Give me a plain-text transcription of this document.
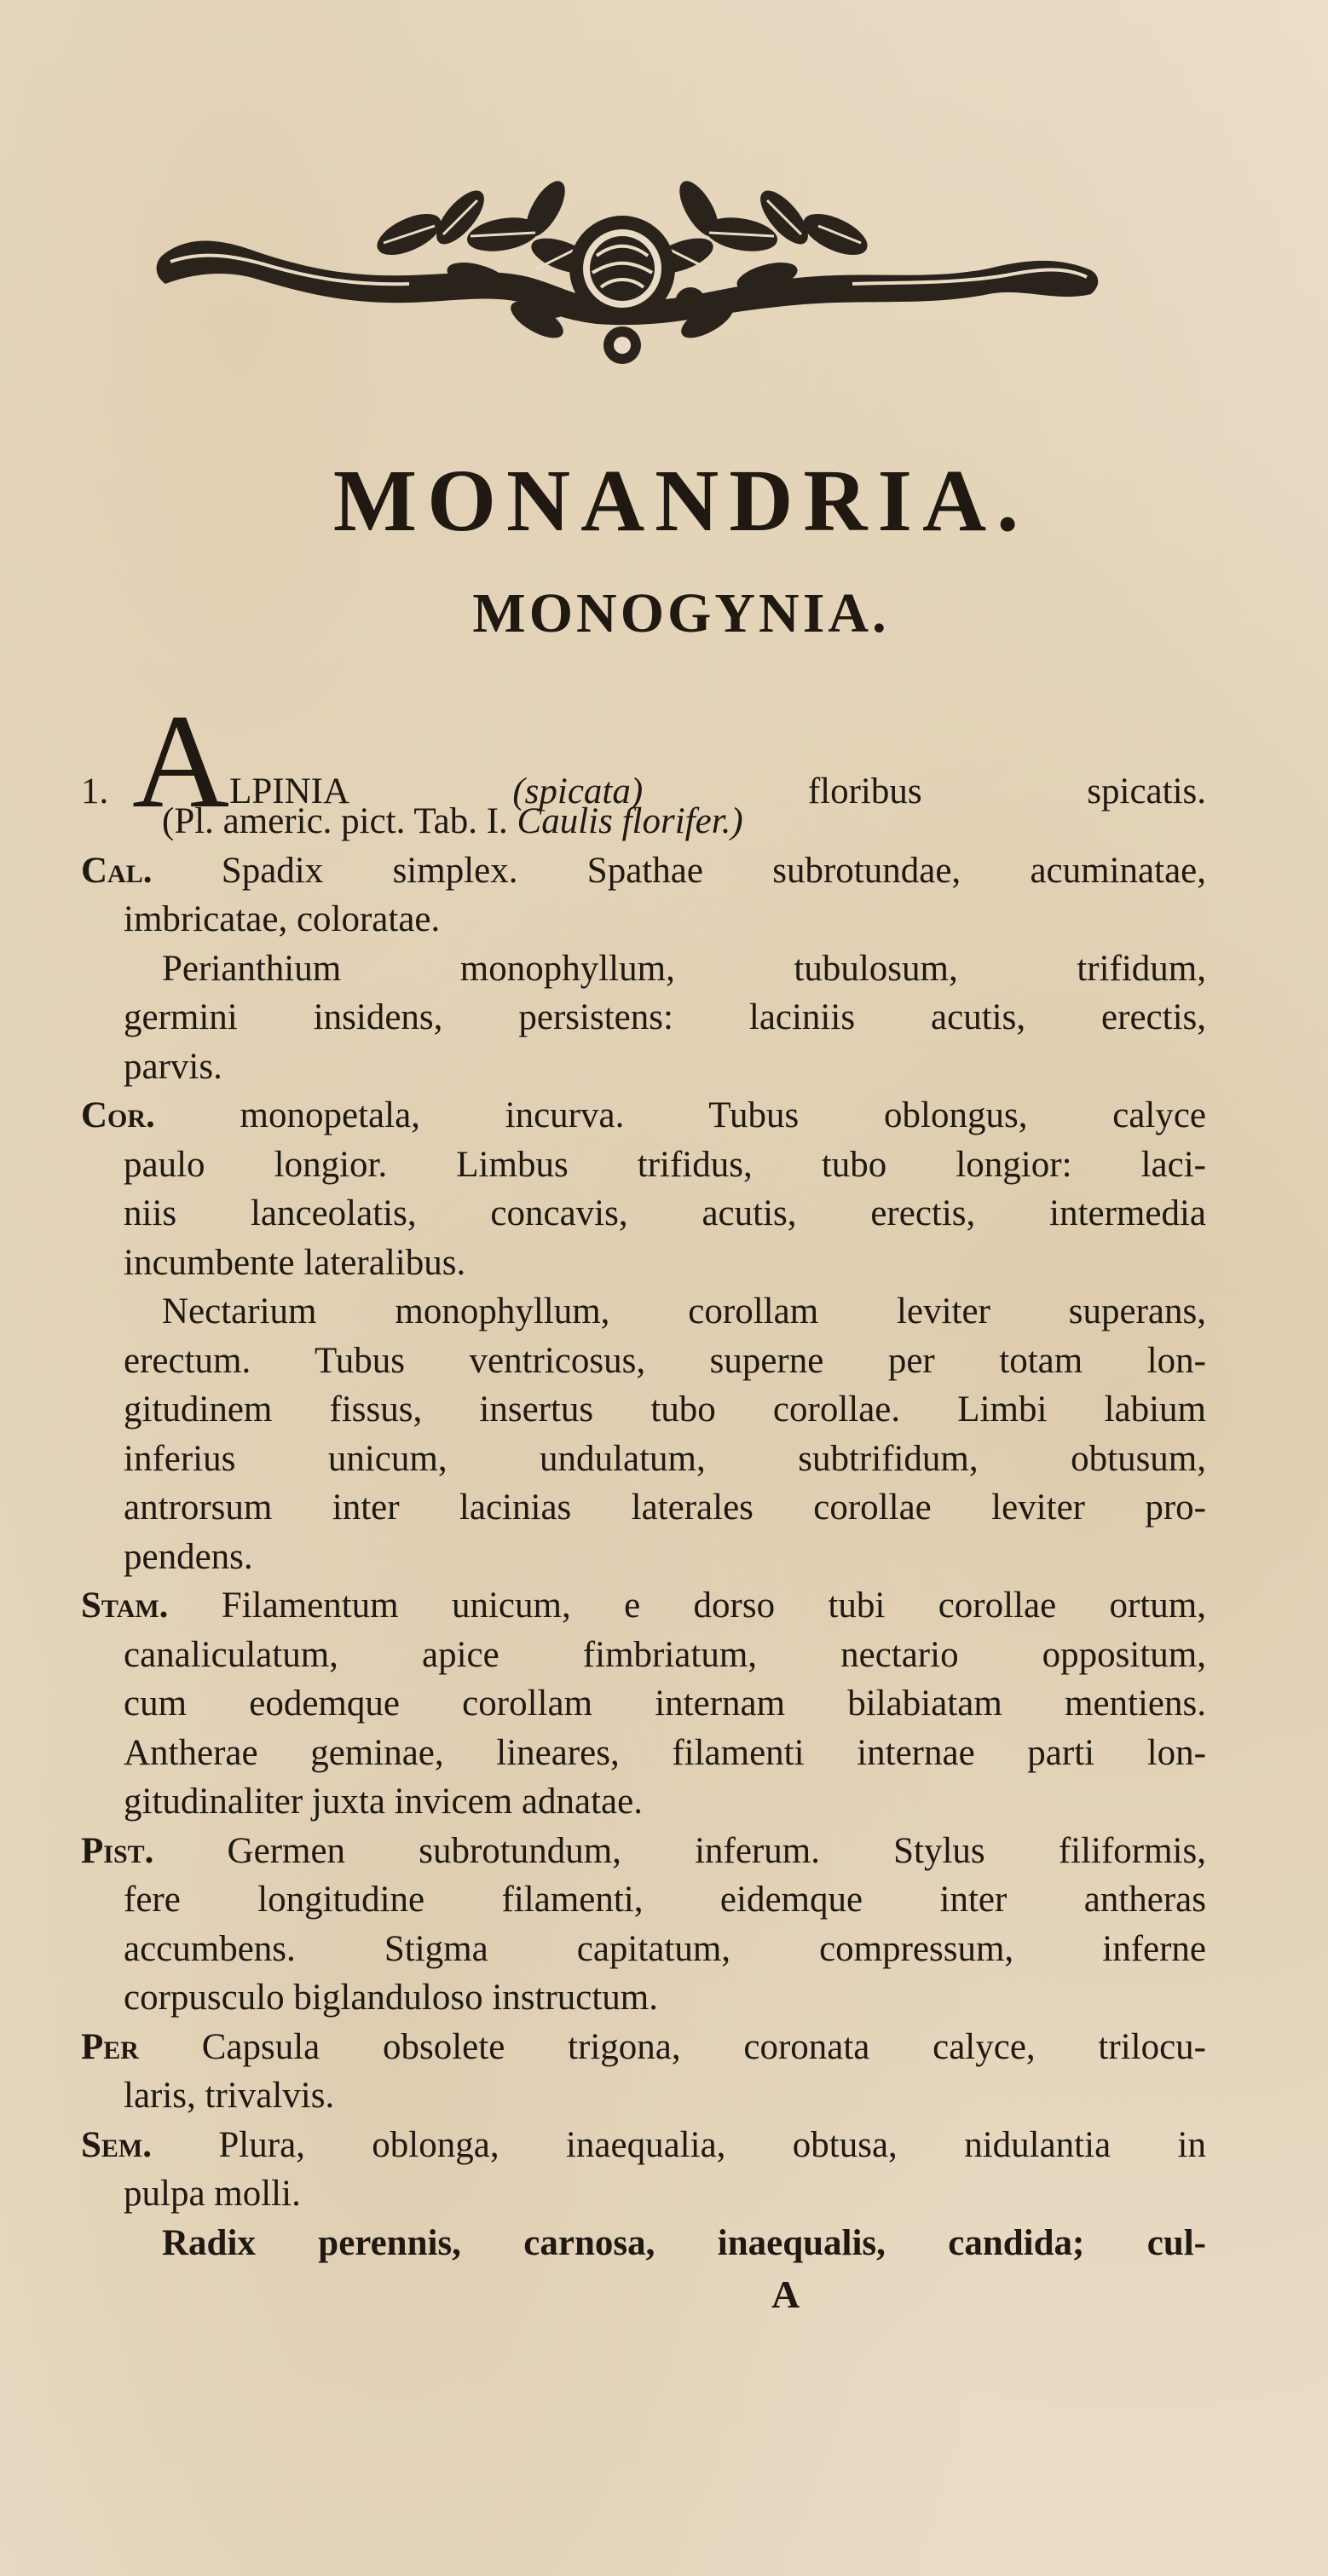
MONANDRIA.
MONOGYNIA.
1. ALPINIA (spicata) floribus spicatis.
(Pl. americ. pict. Tab. I. Caulis florifer.)
Cal. Spadix simplex. Spathae subrotundae, acuminatae,
imbricatae, coloratae.
Perianthium monophyllum, tubulosum, trifidum,
germini insidens, persistens: laciniis acutis, erectis,
parvis.
Cor. monopetala, incurva. Tubus oblongus, calyce
paulo longior. Limbus trifidus, tubo longior: laci-
niis lanceolatis, concavis, acutis, erectis, intermedia
incumbente lateralibus.
Nectarium monophyllum, corollam leviter superans,
erectum. Tubus ventricosus, superne per totam lon-
gitudinem fissus, insertus tubo corollae. Limbi labium
inferius unicum, undulatum, subtrifidum, obtusum,
antrorsum inter lacinias laterales corollae leviter pro-
pendens.
Stam. Filamentum unicum, e dorso tubi corollae ortum,
canaliculatum, apice fimbriatum, nectario oppositum,
cum eodemque corollam internam bilabiatam mentiens.
Antherae geminae, lineares, filamenti internae parti lon-
gitudinaliter juxta invicem adnatae.
Pist. Germen subrotundum, inferum. Stylus filiformis,
fere longitudine filamenti, eidemque inter antheras
accumbens. Stigma capitatum, compressum, inferne
corpusculo biglanduloso instructum.
Per Capsula obsolete trigona, coronata calyce, trilocu-
laris, trivalvis.
Sem. Plura, oblonga, inaequalia, obtusa, nidulantia in
pulpa molli.
Radix perennis, carnosa, inaequalis, candida; cul-
A
